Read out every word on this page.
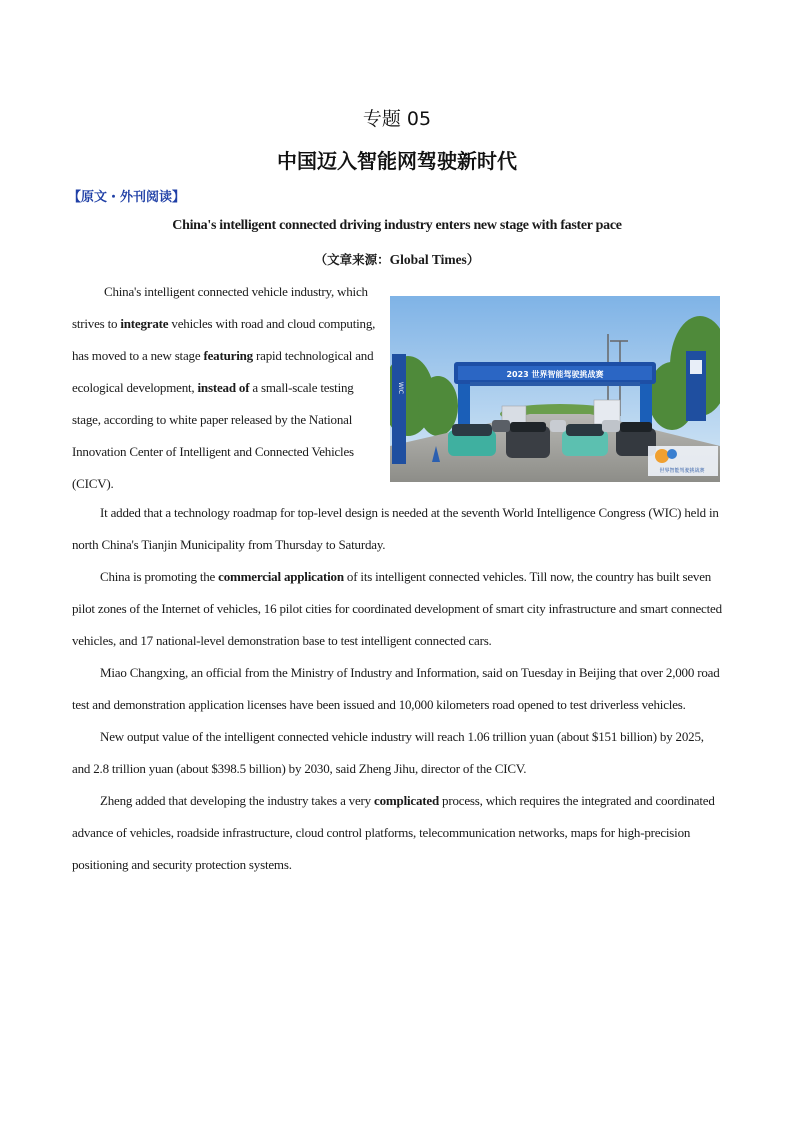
专题 05
中国迈入智能网驾驶新时代
【原文・外刊阅读】
China's intelligent connected driving industry enters new stage with faster pace
（文章来源：Global Times）

China's intelligent connected vehicle industry, which strives to integrate vehicles with road and cloud computing, has moved to a new stage featuring rapid technological and ecological development, instead of a small-scale testing stage, according to white paper released by the National Innovation Center of Intelligent and Connected Vehicles (CICV).

2023 世界智能驾驶挑战赛
WIC
世界智能驾驶挑战赛

It added that a technology roadmap for top-level design is needed at the seventh World Intelligence Congress (WIC) held in north China's Tianjin Municipality from Thursday to Saturday.

China is promoting the commercial application of its intelligent connected vehicles. Till now, the country has built seven pilot zones of the Internet of vehicles, 16 pilot cities for coordinated development of smart city infrastructure and smart connected vehicles, and 17 national-level demonstration base to test intelligent connected cars.

Miao Changxing, an official from the Ministry of Industry and Information, said on Tuesday in Beijing that over 2,000 road test and demonstration application licenses have been issued and 10,000 kilometers road opened to test driverless vehicles.

New output value of the intelligent connected vehicle industry will reach 1.06 trillion yuan (about $151 billion) by 2025, and 2.8 trillion yuan (about $398.5 billion) by 2030, said Zheng Jihu, director of the CICV.

Zheng added that developing the industry takes a very complicated process, which requires the integrated and coordinated advance of vehicles, roadside infrastructure, cloud control platforms, telecommunication networks, maps for high-precision positioning and security protection systems.
